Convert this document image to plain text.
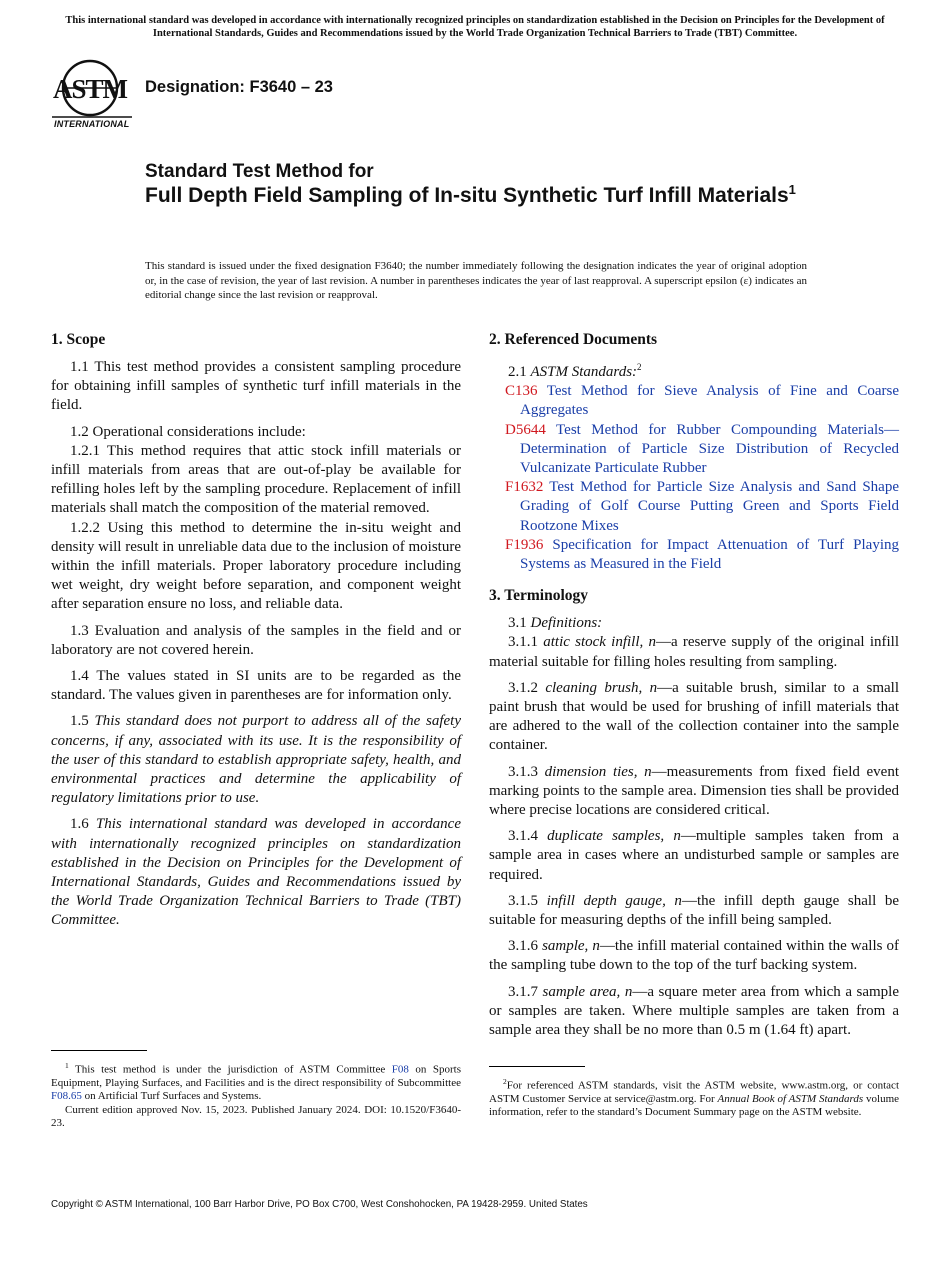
This international standard was developed in accordance with internationally recognized principles on standardization established in the Decision on Principles for the Development of International Standards, Guides and Recommendations issued by the World Trade Organization Technical Barriers to Trade (TBT) Committee.
ASTM
INTERNATIONAL
Designation: F3640 – 23
Standard Test Method for
Full Depth Field Sampling of In-situ Synthetic Turf Infill Materials$^1$
This standard is issued under the fixed designation F3640; the number immediately following the designation indicates the year of original adoption or, in the case of revision, the year of last revision. A number in parentheses indicates the year of last reapproval. A superscript epsilon (ε) indicates an editorial change since the last revision or reapproval.
1. Scope

1.1 This test method provides a consistent sampling procedure for obtaining infill samples of synthetic turf infill materials in the field.

1.2 Operational considerations include:

1.2.1 This method requires that attic stock infill materials or infill materials from areas that are out-of-play be available for refilling holes left by the sampling procedure. Replacement of infill materials shall match the composition of the material removed.

1.2.2 Using this method to determine the in-situ weight and density will result in unreliable data due to the inclusion of moisture within the infill materials. Proper laboratory procedure including wet weight, dry weight before separation, and component weight after separation ensure no loss, and reliable data.

1.3 Evaluation and analysis of the samples in the field and or laboratory are not covered herein.

1.4 The values stated in SI units are to be regarded as the standard. The values given in parentheses are for information only.

1.5 This standard does not purport to address all of the safety concerns, if any, associated with its use. It is the responsibility of the user of this standard to establish appropriate safety, health, and environmental practices and determine the applicability of regulatory limitations prior to use.

1.6 This international standard was developed in accordance with internationally recognized principles on standardization established in the Decision on Principles for the Development of International Standards, Guides and Recommendations issued by the World Trade Organization Technical Barriers to Trade (TBT) Committee.

2. Referenced Documents

2.1 ASTM Standards:$^2$

C136 Test Method for Sieve Analysis of Fine and Coarse Aggregates

D5644 Test Method for Rubber Compounding Materials—Determination of Particle Size Distribution of Recycled Vulcanizate Particulate Rubber

F1632 Test Method for Particle Size Analysis and Sand Shape Grading of Golf Course Putting Green and Sports Field Rootzone Mixes

F1936 Specification for Impact Attenuation of Turf Playing Systems as Measured in the Field

3. Terminology

3.1 Definitions:

3.1.1 attic stock infill, n—a reserve supply of the original infill material suitable for filling holes resulting from sampling.

3.1.2 cleaning brush, n—a suitable brush, similar to a small paint brush that would be used for brushing of infill materials that are adhered to the wall of the collection container into the sample container.

3.1.3 dimension ties, n—measurements from fixed field event marking points to the sample area. Dimension ties shall be provided where precise locations are considered critical.

3.1.4 duplicate samples, n—multiple samples taken from a sample area in cases where an undisturbed sample or samples are required.

3.1.5 infill depth gauge, n—the infill depth gauge shall be suitable for measuring depths of the infill being sampled.

3.1.6 sample, n—the infill material contained within the walls of the sampling tube down to the top of the turf backing system.

3.1.7 sample area, n—a square meter area from which a sample or samples are taken. Where multiple samples are taken from a sample area they shall be no more than 0.5 m (1.64 ft) apart.

$^1$ This test method is under the jurisdiction of ASTM Committee F08 on Sports Equipment, Playing Surfaces, and Facilities and is the direct responsibility of Subcommittee F08.65 on Artificial Turf Surfaces and Systems.

Current edition approved Nov. 15, 2023. Published January 2024. DOI: 10.1520/F3640-23.

$^2$For referenced ASTM standards, visit the ASTM website, www.astm.org, or contact ASTM Customer Service at service@astm.org. For Annual Book of ASTM Standards volume information, refer to the standard’s Document Summary page on the ASTM website.

Copyright © ASTM International, 100 Barr Harbor Drive, PO Box C700, West Conshohocken, PA 19428-2959. United States
